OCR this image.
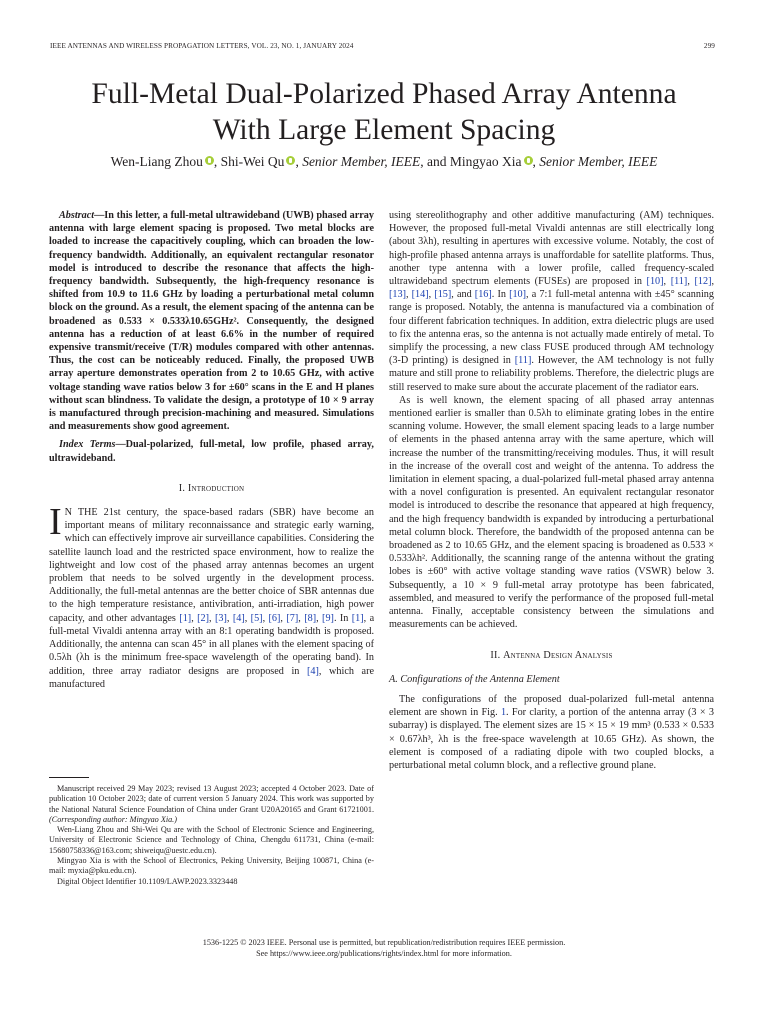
IEEE ANTENNAS AND WIRELESS PROPAGATION LETTERS, VOL. 23, NO. 1, JANUARY 2024	299
Full-Metal Dual-Polarized Phased Array Antenna
With Large Element Spacing
Wen-Liang Zhou , Shi-Wei Qu , Senior Member, IEEE, and Mingyao Xia , Senior Member, IEEE

Abstract—In this letter, a full-metal ultrawideband (UWB) phased array antenna with large element spacing is proposed. Two metal blocks are loaded to increase the capacitively coupling, which can broaden the low-frequency bandwidth. Additionally, an equivalent rectangular resonator model is introduced to describe the resonance that affects the high-frequency bandwidth. Subsequently, the high-frequency resonance is shifted from 10.9 to 11.6 GHz by loading a perturbational metal column block on the ground. As a result, the element spacing of the antenna can be broadened as 0.533 × 0.533λ10.65GHz². Consequently, the designed antenna has a reduction of at least 6.6% in the number of required expensive transmit/receive (T/R) modules compared with other antennas. Thus, the cost can be noticeably reduced. Finally, the proposed UWB array aperture demonstrates operation from 2 to 10.65 GHz, with active voltage standing wave ratios below 3 for ±60° scans in the E and H planes without scan blindness. To validate the design, a prototype of 10 × 9 array is manufactured through precision-machining and measured. Simulations and measurements show good agreement.

Index Terms—Dual-polarized, full-metal, low profile, phased array, ultrawideband.

I. Introduction

I N THE 21st century, the space-based radars (SBR) have become an important means of military reconnaissance and strategic early warning, which can effectively improve air surveillance capabilities. Considering the satellite launch load and the restricted space environment, how to realize the lightweight and low cost of the phased array antennas becomes an urgent problem that needs to be solved urgently in the development process. Additionally, the full-metal antennas are the better choice of SBR antennas due to the high temperature resistance, antivibration, anti-irradiation, high power capacity, and other advantages [1], [2], [3], [4], [5], [6], [7], [8], [9]. In [1], a full-metal Vivaldi antenna array with an 8:1 operating bandwidth is proposed. Additionally, the antenna can scan 45° in all planes with the element spacing of 0.5λh (λh is the minimum free-space wavelength of the operating band). In addition, three array radiator designs are proposed in [4], which are manufactured

Manuscript received 29 May 2023; revised 13 August 2023; accepted 4 October 2023. Date of publication 10 October 2023; date of current version 5 January 2024. This work was supported by the National Natural Science Foundation of China under Grant U20A20165 and Grant 61721001. (Corresponding author: Mingyao Xia.)

Wen-Liang Zhou and Shi-Wei Qu are with the School of Electronic Science and Engineering, University of Electronic Science and Technology of China, Chengdu 611731, China (e-mail: 15680758336@163.com; shiweiqu@uestc.edu.cn).

Mingyao Xia is with the School of Electronics, Peking University, Beijing 100871, China (e-mail: myxia@pku.edu.cn).

Digital Object Identifier 10.1109/LAWP.2023.3323448

using stereolithography and other additive manufacturing (AM) techniques. However, the proposed full-metal Vivaldi antennas are still electrically long (about 3λh), resulting in apertures with excessive volume. Notably, the cost of high-profile phased antenna arrays is unaffordable for satellite platforms. Thus, another type antenna with a lower profile, called frequency-scaled ultrawideband spectrum elements (FUSEs) are proposed in [10], [11], [12], [13], [14], [15], and [16]. In [10], a 7:1 full-metal antenna with ±45° scanning range is proposed. Notably, the antenna is manufactured via a combination of four different fabrication techniques. In addition, extra dielectric plugs are used to fix the antenna eras, so the antenna is not actually made entirely of metal. To simplify the processing, a new class FUSE produced through AM technology (3-D printing) is designed in [11]. However, the AM technology is not fully mature and still prone to reliability problems. Therefore, the dielectric plugs are still reserved to make sure about the accurate placement of the radiator ears.

As is well known, the element spacing of all phased array antennas mentioned earlier is smaller than 0.5λh to eliminate grating lobes in the entire scanning volume. However, the small element spacing leads to a large number of elements in the phased antenna array with the same aperture, which will increase the number of the transmitting/receiving modules. Thus, it will result in the increase of the overall cost and weight of the antenna. To address the limitation in element spacing, a dual-polarized full-metal phased array antenna with a novel configuration is presented. An equivalent rectangular resonator model is introduced to describe the resonance that appeared at high frequency, and the high frequency bandwidth is expanded by introducing a perturbational metal column block. Therefore, the bandwidth of the proposed antenna can be broadened as 2 to 10.65 GHz, and the element spacing is broadened as 0.533 × 0.533λh². Additionally, the scanning range of the antenna without the grating lobes is ±60° with active voltage standing wave ratios (VSWR) below 3. Subsequently, a 10 × 9 full-metal array prototype has been fabricated, assembled, and measured to verify the performance of the proposed full-metal antenna. Finally, acceptable consistency between the simulations and measurements can be achieved.

II. Antenna Design Analysis
A. Configurations of the Antenna Element

The configurations of the proposed dual-polarized full-metal antenna element are shown in Fig. 1. For clarity, a portion of the antenna array (3 × 3 subarray) is displayed. The element sizes are 15 × 15 × 19 mm³ (0.533 × 0.533 × 0.67λh³, λh is the free-space wavelength at 10.65 GHz). As shown, the element is composed of a radiating dipole with two coupled blocks, a perturbational metal column block, and a reflective ground plane.

1536-1225 © 2023 IEEE. Personal use is permitted, but republication/redistribution requires IEEE permission.
See https://www.ieee.org/publications/rights/index.html for more information.
